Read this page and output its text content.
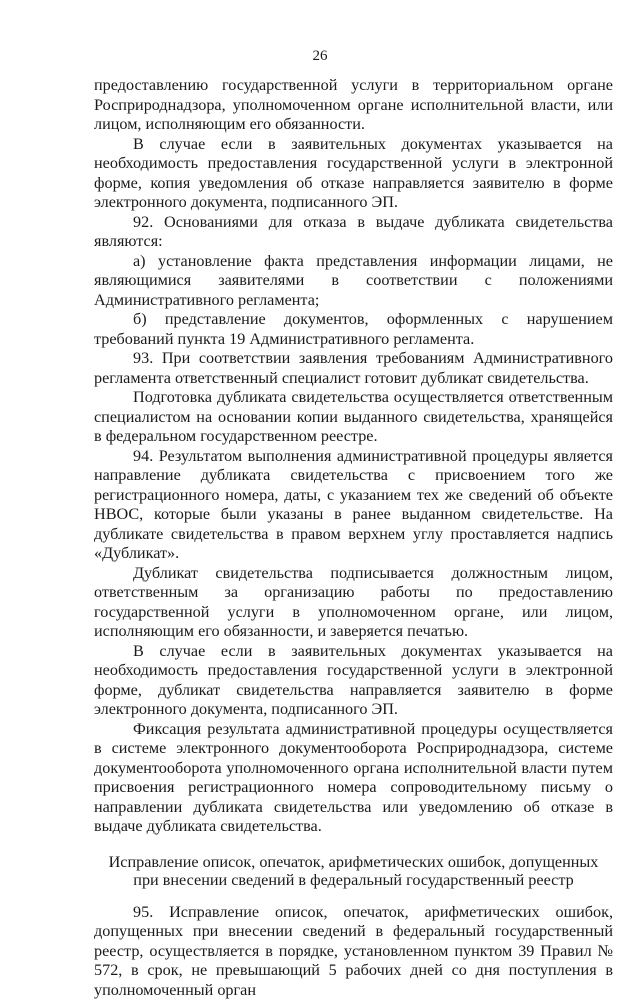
26

предоставлению государственной услуги в территориальном органе Росприроднадзора, уполномоченном органе исполнительной власти, или лицом, исполняющим его обязанности.

В случае если в заявительных документах указывается на необходимость предоставления государственной услуги в электронной форме, копия уведомления об отказе направляется заявителю в форме электронного документа, подписанного ЭП.

92. Основаниями для отказа в выдаче дубликата свидетельства являются:

а) установление факта представления информации лицами, не являющимися заявителями в соответствии с положениями Административного регламента;

б) представление документов, оформленных с нарушением требований пункта 19 Административного регламента.

93. При соответствии заявления требованиям Административного регламента ответственный специалист готовит дубликат свидетельства.

Подготовка дубликата свидетельства осуществляется ответственным специалистом на основании копии выданного свидетельства, хранящейся в федеральном государственном реестре.

94. Результатом выполнения административной процедуры является направление дубликата свидетельства с присвоением того же регистрационного номера, даты, с указанием тех же сведений об объекте НВОС, которые были указаны в ранее выданном свидетельстве. На дубликате свидетельства в правом верхнем углу проставляется надпись «Дубликат».

Дубликат свидетельства подписывается должностным лицом, ответственным за организацию работы по предоставлению государственной услуги в уполномоченном органе, или лицом, исполняющим его обязанности, и заверяется печатью.

В случае если в заявительных документах указывается на необходимость предоставления государственной услуги в электронной форме, дубликат свидетельства направляется заявителю в форме электронного документа, подписанного ЭП.

Фиксация результата административной процедуры осуществляется в системе электронного документооборота Росприроднадзора, системе документооборота уполномоченного органа исполнительной власти путем присвоения регистрационного номера сопроводительному письму о направлении дубликата свидетельства или уведомлению об отказе в выдаче дубликата свидетельства.

Исправление описок, опечаток, арифметических ошибок, допущенных
при внесении сведений в федеральный государственный реестр

95. Исправление описок, опечаток, арифметических ошибок, допущенных при внесении сведений в федеральный государственный реестр, осуществляется в порядке, установленном пунктом 39 Правил № 572, в срок, не превышающий 5 рабочих дней со дня поступления в уполномоченный орган
